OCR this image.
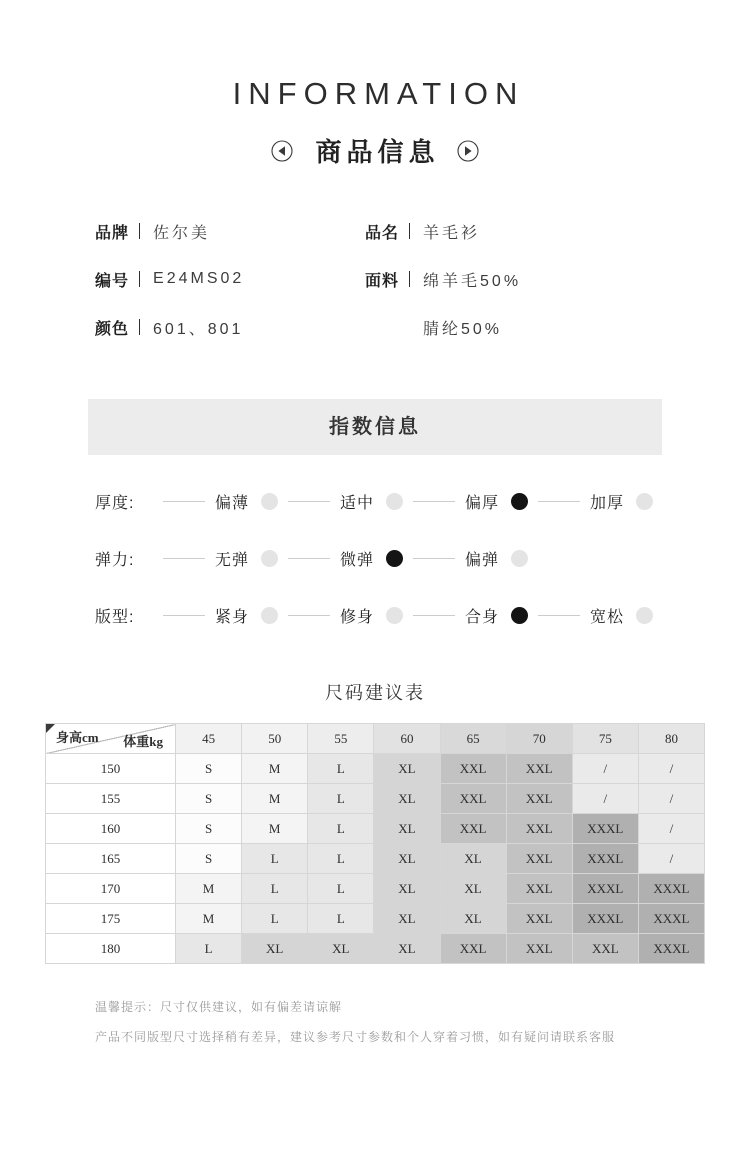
INFORMATION
商品信息
品牌 佐尔美
编号 E24MS02
颜色 601、801
品名 羊毛衫
面料 绵羊毛50%
腈纶50%
指数信息
厚度:	偏薄	适中	偏厚	加厚
弹力:	无弹	微弹	偏弹
版型:	紧身	修身	合身	宽松
尺码建议表
体重kg
身高cm	45	50	55	60	65	70	75	80
150	S	M	L	XL	XXL	XXL	/	/
155	S	M	L	XL	XXL	XXL	/	/
160	S	M	L	XL	XXL	XXL	XXXL	/
165	S	L	L	XL	XL	XXL	XXXL	/
170	M	L	L	XL	XL	XXL	XXXL	XXXL
175	M	L	L	XL	XL	XXL	XXXL	XXXL
180	L	XL	XL	XL	XXL	XXL	XXL	XXXL

温馨提示：尺寸仅供建议，如有偏差请谅解

产品不同版型尺寸选择稍有差异，建议参考尺寸参数和个人穿着习惯，如有疑问请联系客服
